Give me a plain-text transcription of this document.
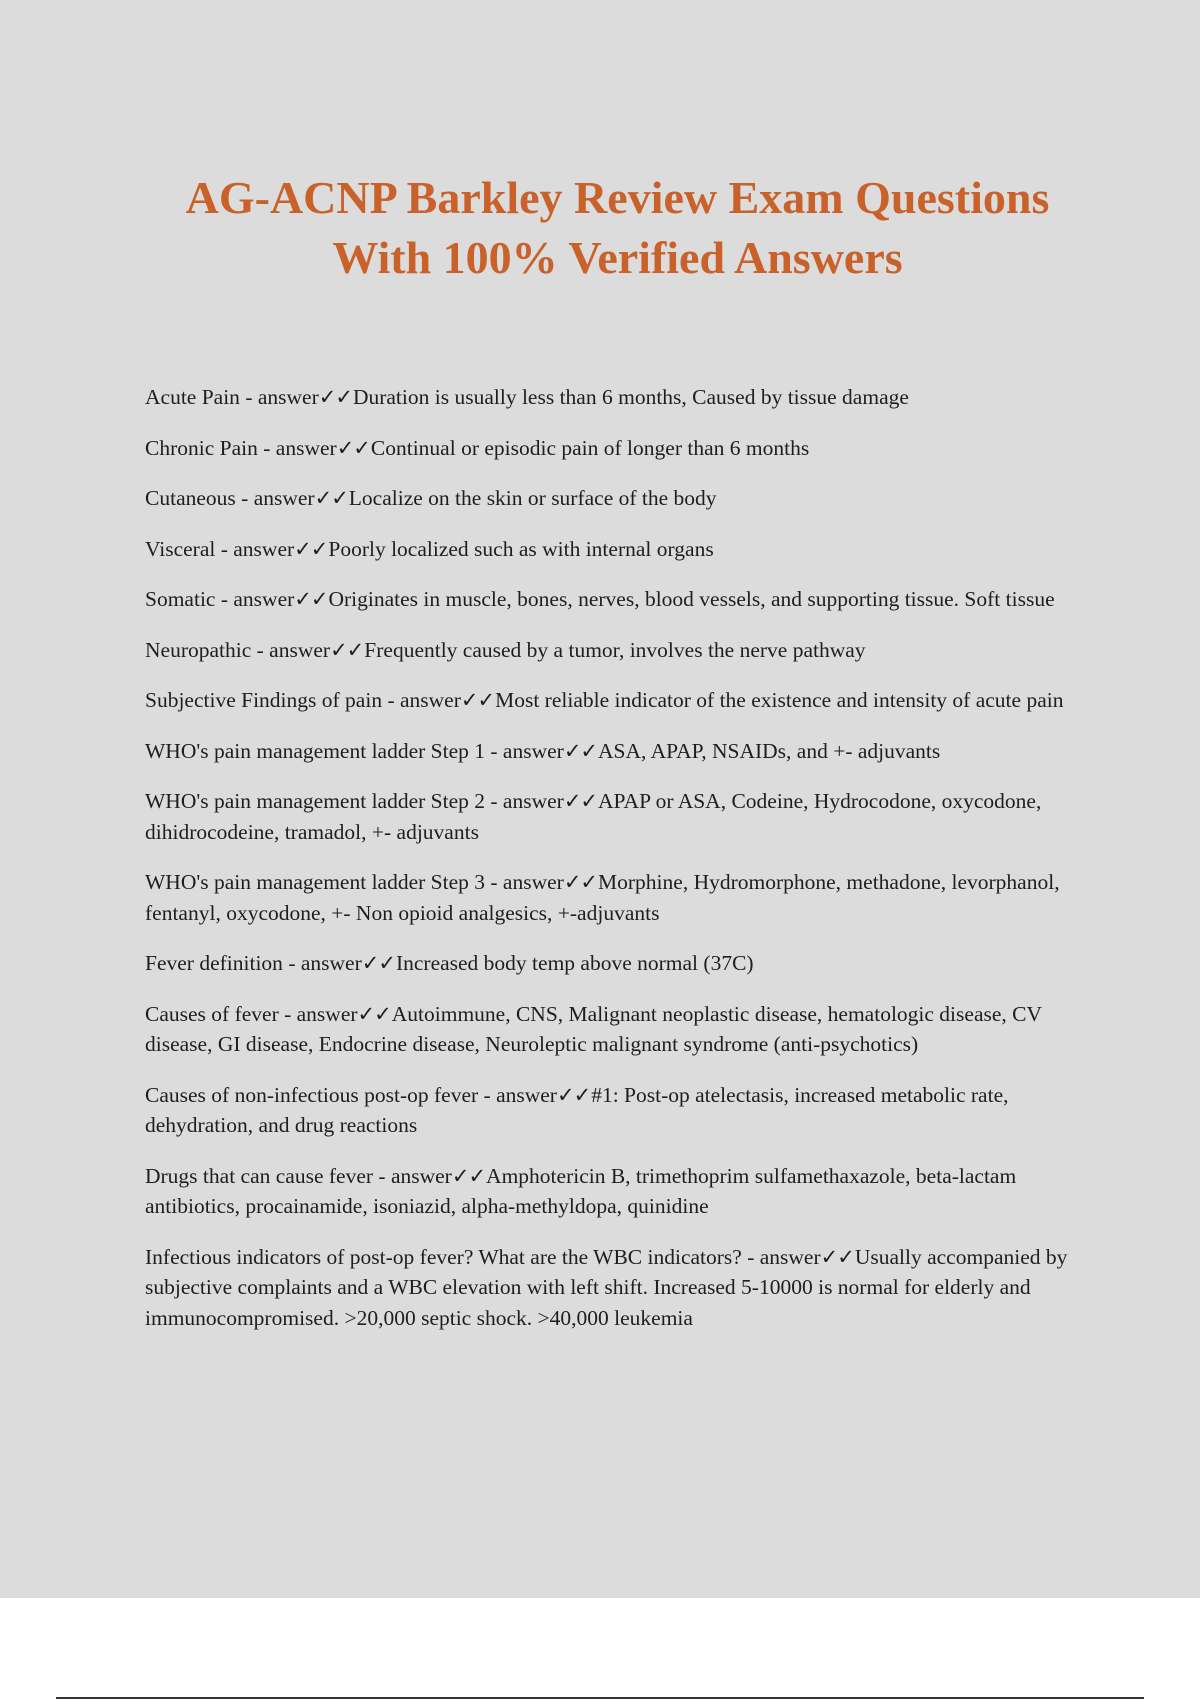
AG-ACNP Barkley Review Exam Questions
With 100% Verified Answers
Acute Pain - answer✓✓Duration is usually less than 6 months, Caused by tissue damage
Chronic Pain - answer✓✓Continual or episodic pain of longer than 6 months
Cutaneous - answer✓✓Localize on the skin or surface of the body
Visceral - answer✓✓Poorly localized such as with internal organs
Somatic - answer✓✓Originates in muscle, bones, nerves, blood vessels, and supporting tissue. Soft tissue
Neuropathic - answer✓✓Frequently caused by a tumor, involves the nerve pathway
Subjective Findings of pain - answer✓✓Most reliable indicator of the existence and intensity of acute pain
WHO's pain management ladder Step 1 - answer✓✓ASA, APAP, NSAIDs, and +- adjuvants
WHO's pain management ladder Step 2 - answer✓✓APAP or ASA, Codeine, Hydrocodone, oxycodone, dihidrocodeine, tramadol, +- adjuvants
WHO's pain management ladder Step 3 - answer✓✓Morphine, Hydromorphone, methadone, levorphanol, fentanyl, oxycodone, +- Non opioid analgesics, +-adjuvants
Fever definition - answer✓✓Increased body temp above normal (37C)
Causes of fever - answer✓✓Autoimmune, CNS, Malignant neoplastic disease, hematologic disease, CV disease, GI disease, Endocrine disease, Neuroleptic malignant syndrome (anti-psychotics)
Causes of non-infectious post-op fever - answer✓✓#1: Post-op atelectasis, increased metabolic rate, dehydration, and drug reactions
Drugs that can cause fever - answer✓✓Amphotericin B, trimethoprim sulfamethaxazole, beta-lactam antibiotics, procainamide, isoniazid, alpha-methyldopa, quinidine
Infectious indicators of post-op fever? What are the WBC indicators? - answer✓✓Usually accompanied by subjective complaints and a WBC elevation with left shift. Increased 5-10000 is normal for elderly and immunocompromised. >20,000 septic shock. >40,000 leukemia
